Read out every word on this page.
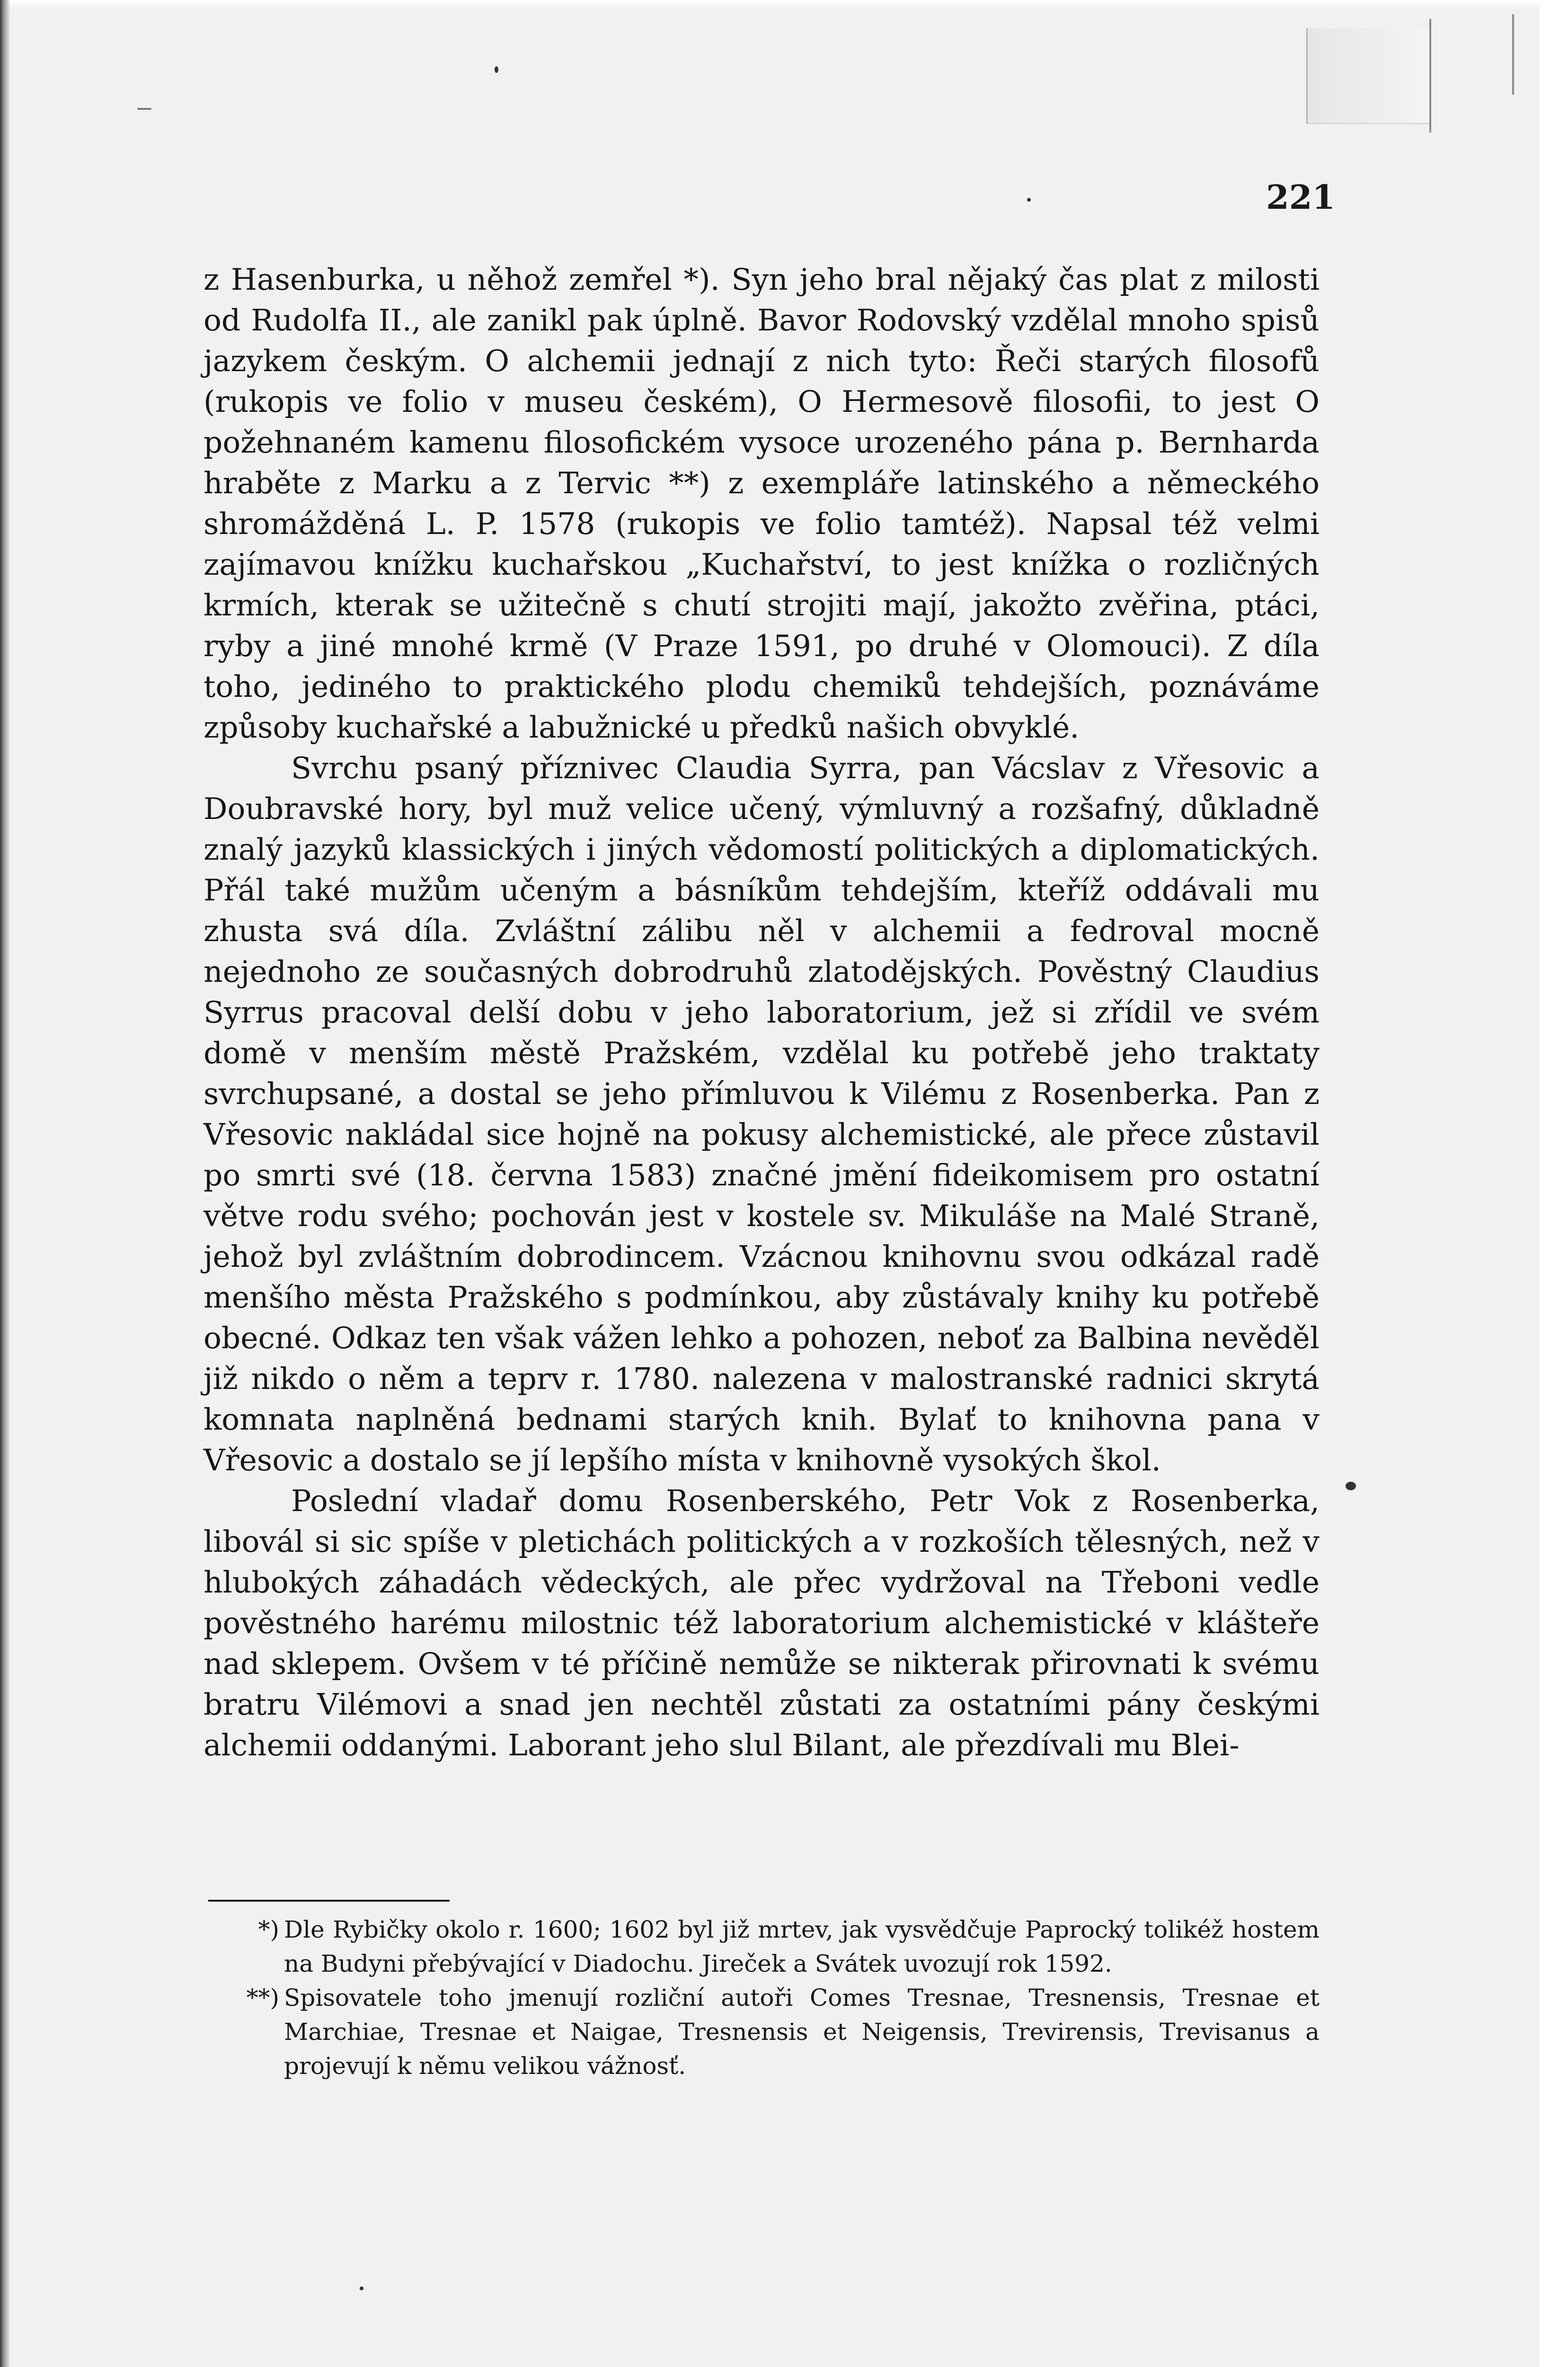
221

z Hasenburka, u něhož zemřel *). Syn jeho bral nějaký čas plat z milosti od Rudolfa II., ale zanikl pak úplně. Bavor Rodovský vzdělal mnoho spisů jazykem českým. O alchemii jednají z nich tyto: Řeči starých filosofů (rukopis ve folio v museu českém), O Hermesově filosofii, to jest O požehnaném kamenu filosofickém vysoce urozeného pána p. Bernharda hraběte z Marku a z Tervic **) z exempláře latinského a německého shromážděná L. P. 1578 (rukopis ve folio tamtéž). Napsal též velmi zajímavou knížku kuchařskou „Kuchařství, to jest knížka o rozličných krmích, kterak se užitečně s chutí strojiti mají, jakožto zvěřina, ptáci, ryby a jiné mnohé krmě (V Praze 1591, po druhé v Olomouci). Z díla toho, jediného to praktického plodu chemiků tehdejších, poznáváme způsoby kuchařské a labužnické u předků našich obvyklé.

Svrchu psaný příznivec Claudia Syrra, pan Vácslav z Vřesovic a Doubravské hory, byl muž velice učený, výmluvný a rozšafný, důkladně znalý jazyků klassických i jiných vědomostí politických a diplomatických. Přál také mužům učeným a básníkům tehdejším, kteříž oddávali mu zhusta svá díla. Zvláštní zálibu něl v alchemii a fedroval mocně nejednoho ze současných dobrodruhů zlatodějských. Pověstný Claudius Syrrus pracoval delší dobu v jeho laboratorium, jež si zřídil ve svém domě v menším městě Pražském, vzdělal ku potřebě jeho traktaty svrchupsané, a dostal se jeho přímluvou k Vilému z Rosenberka. Pan z Vřesovic nakládal sice hojně na pokusy alchemistické, ale přece zůstavil po smrti své (18. června 1583) značné jmění fideikomisem pro ostatní větve rodu svého; pochován jest v kostele sv. Mikuláše na Malé Straně, jehož byl zvláštním dobrodincem. Vzácnou knihovnu svou odkázal radě menšího města Pražského s podmínkou, aby zůstávaly knihy ku potřebě obecné. Odkaz ten však vážen lehko a pohozen, neboť za Balbina nevěděl již nikdo o něm a teprv r. 1780. nalezena v malostranské radnici skrytá komnata naplněná bednami starých knih. Bylať to knihovna pana v Vřesovic a dostalo se jí lepšího místa v knihovně vysokých škol.

Poslední vladař domu Rosenberského, Petr Vok z Rosenberka, libovál si sic spíše v pletichách politických a v rozkoších tělesných, než v hlubokých záhadách vědeckých, ale přec vydržoval na Třeboni vedle pověstného harému milostnic též laboratorium alchemistické v klášteře nad sklepem. Ovšem v té příčině nemůže se nikterak přirovnati k svému bratru Vilémovi a snad jen nechtěl zůstati za ostatními pány českými alchemii oddanými. Laborant jeho slul Bilant, ale přezdívali mu Blei-

*) Dle Rybičky okolo r. 1600; 1602 byl již mrtev, jak vysvědčuje Paprocký tolikéž hostem na Budyni přebývající v Diadochu. Jireček a Svátek uvozují rok 1592.
**) Spisovatele toho jmenují rozliční autoři Comes Tresnae, Tresnensis, Tresnae et Marchiae, Tresnae et Naigae, Tresnensis et Neigensis, Trevirensis, Trevisanus a projevují k němu velikou vážnosť.
